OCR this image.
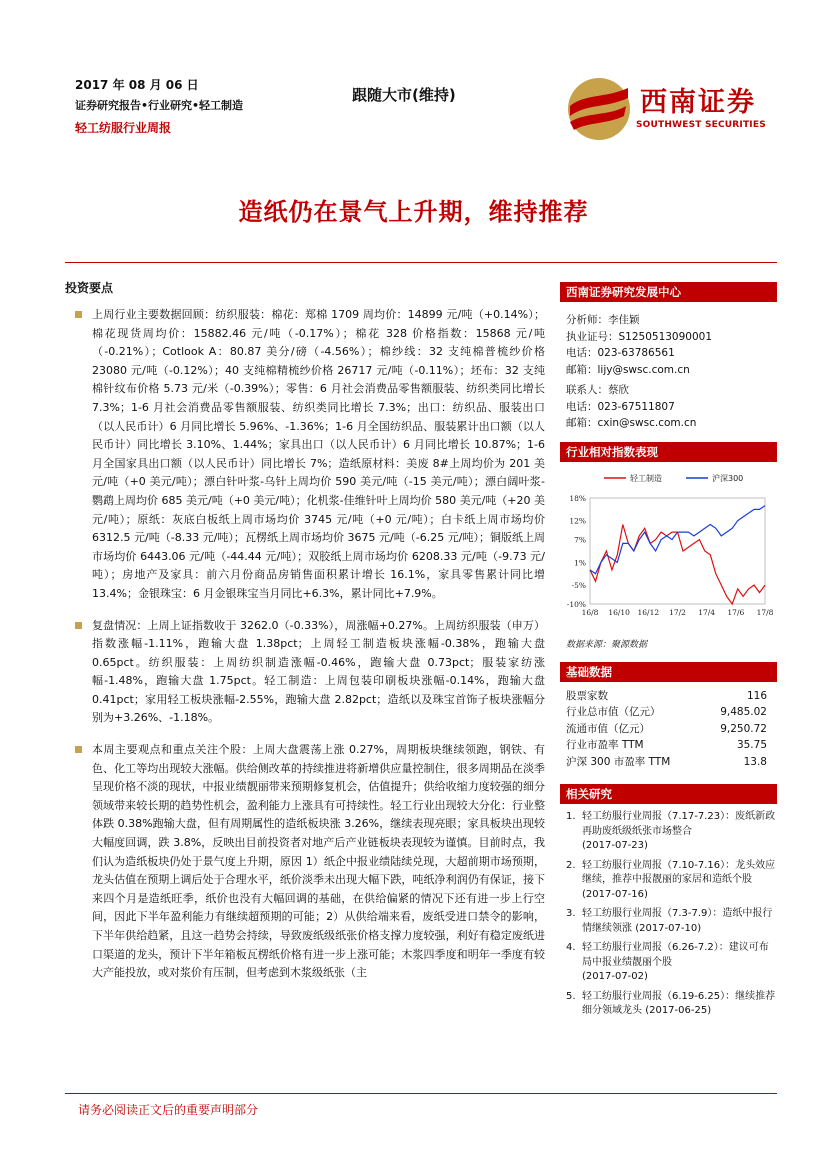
2017 年 08 月 06 日
证券研究报告•行业研究•轻工制造
轻工纺服行业周报
跟随大市(维持)	西南证券
SOUTHWEST SECURITIES
造纸仍在景气上升期，维持推荐
投资要点
上周行业主要数据回顾：纺织服装：棉花：郑棉 1709 周均价：14899 元/吨（+0.14%）；棉花现货周均价：15882.46 元/吨（-0.17%）；棉花 328 价格指数：15868 元/吨（-0.21%）；Cotlook A：80.87 美分/磅（-4.56%）；棉纱线：32 支纯棉普梳纱价格 23080 元/吨（-0.12%）；40 支纯棉精梳纱价格 26717 元/吨（-0.11%）；坯布：32 支纯棉针纹布价格 5.73 元/米（-0.39%）；零售：6 月社会消费品零售额服装、纺织类同比增长 7.3%；1-6 月社会消费品零售额服装、纺织类同比增长 7.3%；出口：纺织品、服装出口（以人民币计）6 月同比增长 5.96%、-1.36%；1-6 月全国纺织品、服装累计出口额（以人民币计）同比增长 3.10%、1.44%；家具出口（以人民币计）6 月同比增长 10.87%；1-6 月全国家具出口额（以人民币计）同比增长 7%；造纸原材料：美废 8#上周均价为 201 美元/吨（+0 美元/吨）；漂白针叶浆-乌针上周均价 590 美元/吨（-15 美元/吨）；漂白阔叶浆-鹦鹉上周均价 685 美元/吨（+0 美元/吨）；化机浆-佳维针叶上周均价 580 美元/吨（+20 美元/吨）；原纸：灰底白板纸上周市场均价 3745 元/吨（+0 元/吨）；白卡纸上周市场均价 6312.5 元/吨（-8.33 元/吨）；瓦楞纸上周市场均价 3675 元/吨（-6.25 元/吨）；铜版纸上周市场均价 6443.06 元/吨（-44.44 元/吨）；双胶纸上周市场均价 6208.33 元/吨（-9.73 元/吨）；房地产及家具：前六月份商品房销售面积累计增长 16.1%，家具零售累计同比增 13.4%；金银珠宝：6 月金银珠宝当月同比+6.3%，累计同比+7.9%。
复盘情况：上周上证指数收于 3262.0（-0.33%），周涨幅+0.27%。上周纺织服装（申万）指数涨幅-1.11%，跑输大盘 1.38pct；上周轻工制造板块涨幅-0.38%，跑输大盘 0.65pct。纺织服装：上周纺织制造涨幅-0.46%，跑输大盘 0.73pct；服装家纺涨幅-1.48%，跑输大盘 1.75pct。轻工制造：上周包装印刷板块涨幅-0.14%，跑输大盘 0.41pct；家用轻工板块涨幅-2.55%，跑输大盘 2.82pct；造纸以及珠宝首饰子板块涨幅分别为+3.26%、-1.18%。
本周主要观点和重点关注个股：上周大盘震荡上涨 0.27%，周期板块继续领跑，钢铁、有色、化工等均出现较大涨幅。供给侧改革的持续推进将新增供应量控制住，很多周期品在淡季呈现价格不淡的现状，中报业绩靓丽带来预期修复机会，估值提升；供给收缩力度较强的细分领域带来较长期的趋势性机会，盈利能力上涨具有可持续性。轻工行业出现较大分化：行业整体跌 0.38%跑输大盘，但有周期属性的造纸板块涨 3.26%，继续表现亮眼；家具板块出现较大幅度回调，跌 3.8%，反映出目前投资者对地产后产业链板块表现较为谨慎。目前时点，我们认为造纸板块仍处于景气度上升期，原因 1）纸企中报业绩陆续兑现，大超前期市场预期，龙头估值在预期上调后处于合理水平，纸价淡季未出现大幅下跌，吨纸净利润仍有保证，接下来四个月是造纸旺季，纸价也没有大幅回调的基础，在供给偏紧的情况下还有进一步上行空间，因此下半年盈利能力有继续超预期的可能；2）从供给端来看，废纸受进口禁令的影响，下半年供给趋紧，且这一趋势会持续，导致废纸级纸张价格支撑力度较强，利好有稳定废纸进口渠道的龙头，预计下半年箱板瓦楞纸价格有进一步上涨可能；木浆四季度和明年一季度有较大产能投放，或对浆价有压制，但考虑到木浆级纸张（主
西南证券研究发展中心
分析师：李佳颖
执业证号：S1250513090001
电话：023-63786561
邮箱：lijy@swsc.com.cn
联系人：蔡欣
电话：023-67511807
邮箱：cxin@swsc.com.cn
行业相对指数表现
轻工制造	沪深300
18%
12%
7%
1%
-5%
-10%
16/8 16/10 16/12 17/2 17/4 17/6 17/8
数据来源：聚源数据
基础数据
股票家数	116
行业总市值（亿元）	9,485.02
流通市值（亿元）	9,250.72
行业市盈率 TTM	35.75
沪深 300 市盈率 TTM	13.8
相关研究
1. 轻工纺服行业周报（7.17-7.23）：废纸新政再助废纸级纸张市场整合
(2017-07-23)
2. 轻工纺服行业周报（7.10-7.16）：龙头效应继续，推荐中报靓丽的家居和造纸个股 (2017-07-16)
3. 轻工纺服行业周报（7.3-7.9）：造纸中报行情继续领涨 (2017-07-10)
4. 轻工纺服行业周报（6.26-7.2）：建议可布局中报业绩靓丽个股
(2017-07-02)
5. 轻工纺服行业周报（6.19-6.25）：继续推荐细分领域龙头 (2017-06-25)
请务必阅读正文后的重要声明部分
